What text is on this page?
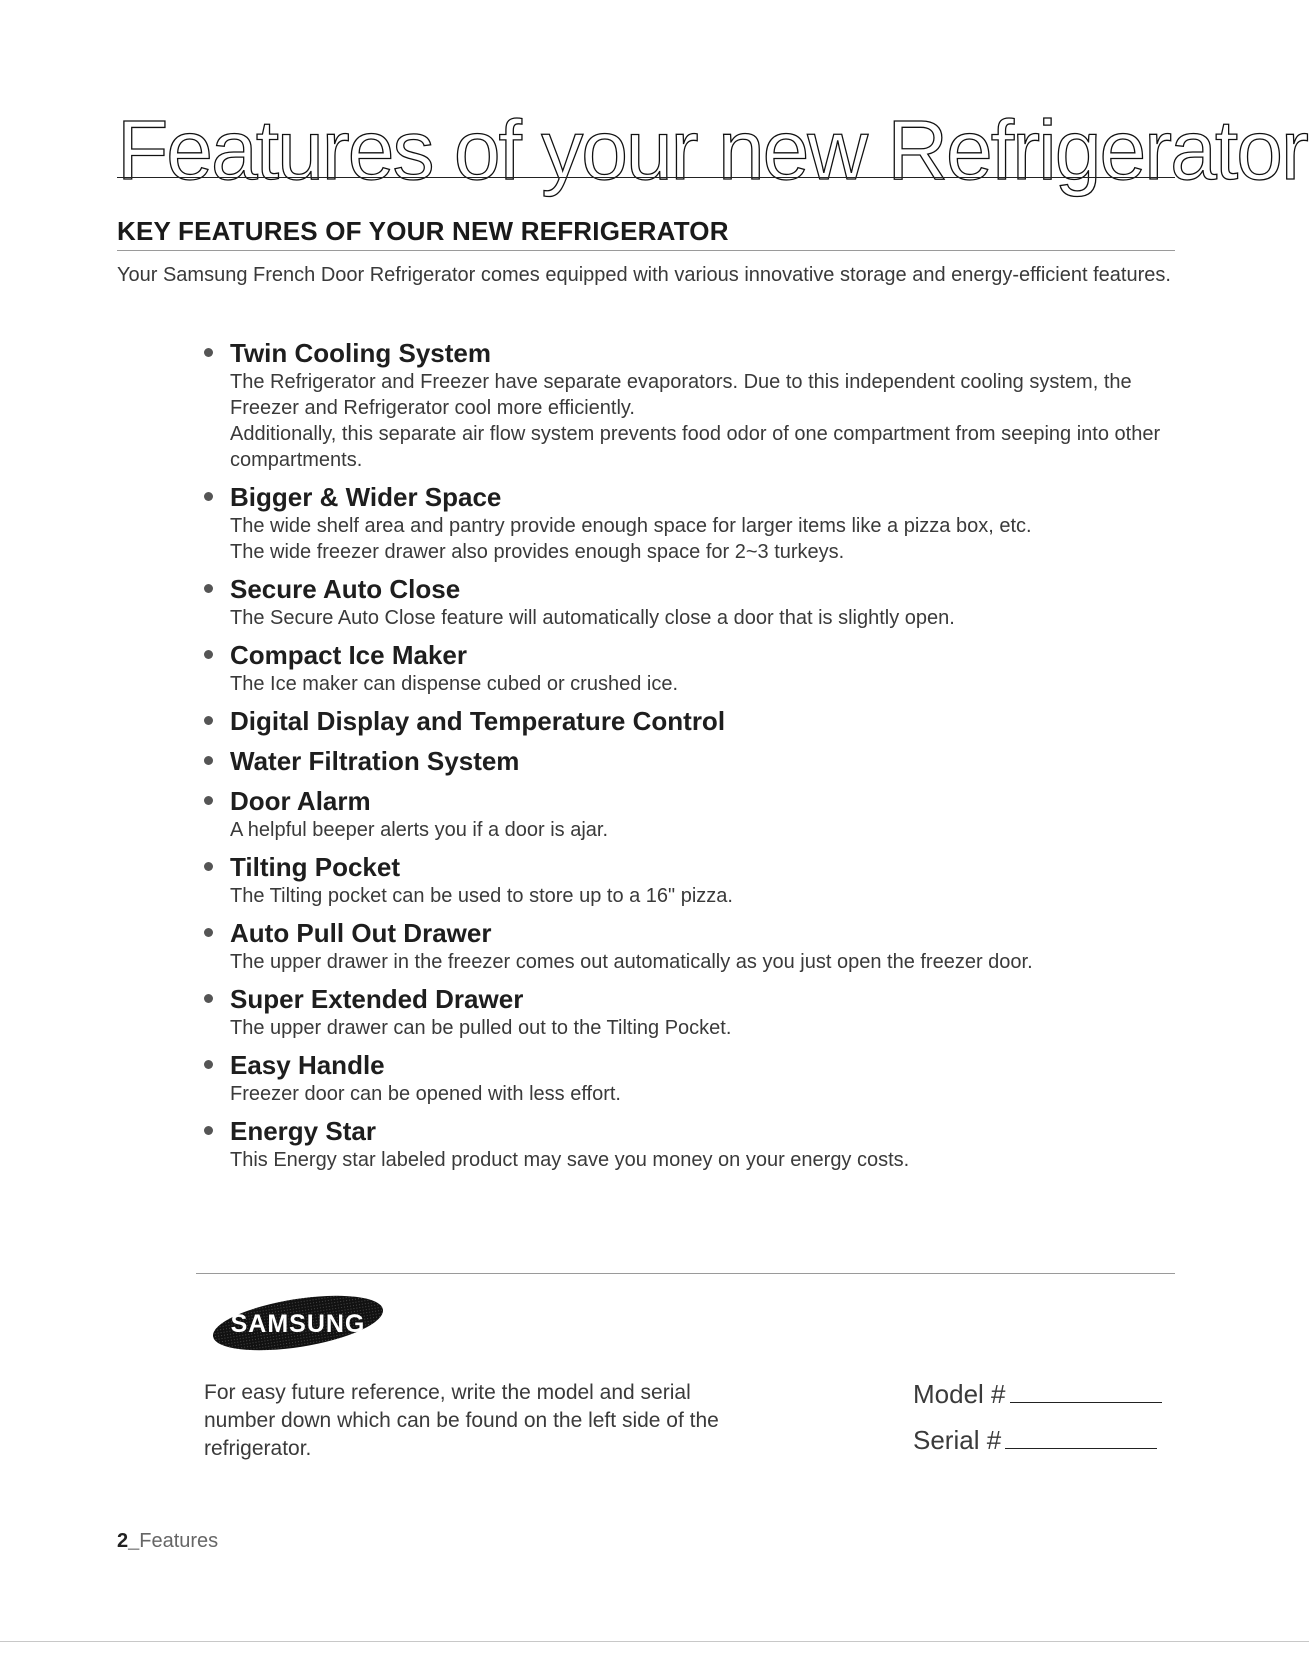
Features of your new Refrigerator
KEY FEATURES OF YOUR NEW REFRIGERATOR

Your Samsung French Door Refrigerator comes equipped with various innovative storage and energy-efficient features.

Twin Cooling System

The Refrigerator and Freezer have separate evaporators. Due to this independent cooling system, the Freezer and Refrigerator cool more efficiently.

Additionally, this separate air flow system prevents food odor of one compartment from seeping into other compartments.

Bigger & Wider Space

The wide shelf area and pantry provide enough space for larger items like a pizza box, etc.

The wide freezer drawer also provides enough space for 2~3 turkeys.

Secure Auto Close

The Secure Auto Close feature will automatically close a door that is slightly open.

Compact Ice Maker

The Ice maker can dispense cubed or crushed ice.

Digital Display and Temperature Control
Water Filtration System
Door Alarm

A helpful beeper alerts you if a door is ajar.

Tilting Pocket

The Tilting pocket can be used to store up to a 16" pizza.

Auto Pull Out Drawer

The upper drawer in the freezer comes out automatically as you just open the freezer door.

Super Extended Drawer

The upper drawer can be pulled out to the Tilting Pocket.

Easy Handle

Freezer door can be opened with less effort.

Energy Star

This Energy star labeled product may save you money on your energy costs.

SAMSUNG

For easy future reference, write the model and serial number down which can be found on the left side of the refrigerator.

Model #
Serial #
2_Features
